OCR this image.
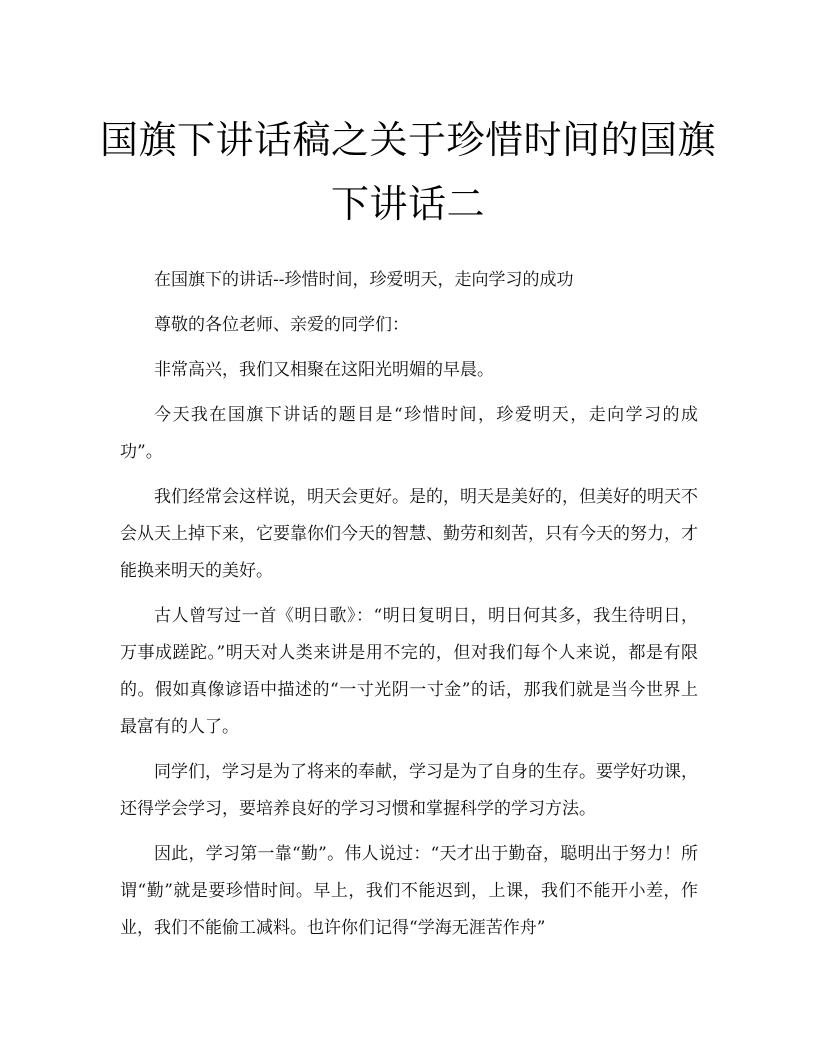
国旗下讲话稿之关于珍惜时间的国旗下讲话二

在国旗下的讲话--珍惜时间，珍爱明天，走向学习的成功

尊敬的各位老师、亲爱的同学们：

非常高兴，我们又相聚在这阳光明媚的早晨。

今天我在国旗下讲话的题目是“珍惜时间，珍爱明天，走向学习的成功”。

我们经常会这样说，明天会更好。是的，明天是美好的，但美好的明天不会从天上掉下来，它要靠你们今天的智慧、勤劳和刻苦，只有今天的努力，才能换来明天的美好。

古人曾写过一首《明日歌》：“明日复明日，明日何其多，我生待明日，万事成蹉跎。”明天对人类来讲是用不完的，但对我们每个人来说，都是有限的。假如真像谚语中描述的“一寸光阴一寸金”的话，那我们就是当今世界上最富有的人了。

同学们，学习是为了将来的奉献，学习是为了自身的生存。要学好功课，还得学会学习，要培养良好的学习习惯和掌握科学的学习方法。

因此，学习第一靠“勤”。伟人说过：“天才出于勤奋，聪明出于努力！所谓“勤”就是要珍惜时间。早上，我们不能迟到，上课，我们不能开小差，作业，我们不能偷工减料。也许你们记得“学海无涯苦作舟”
